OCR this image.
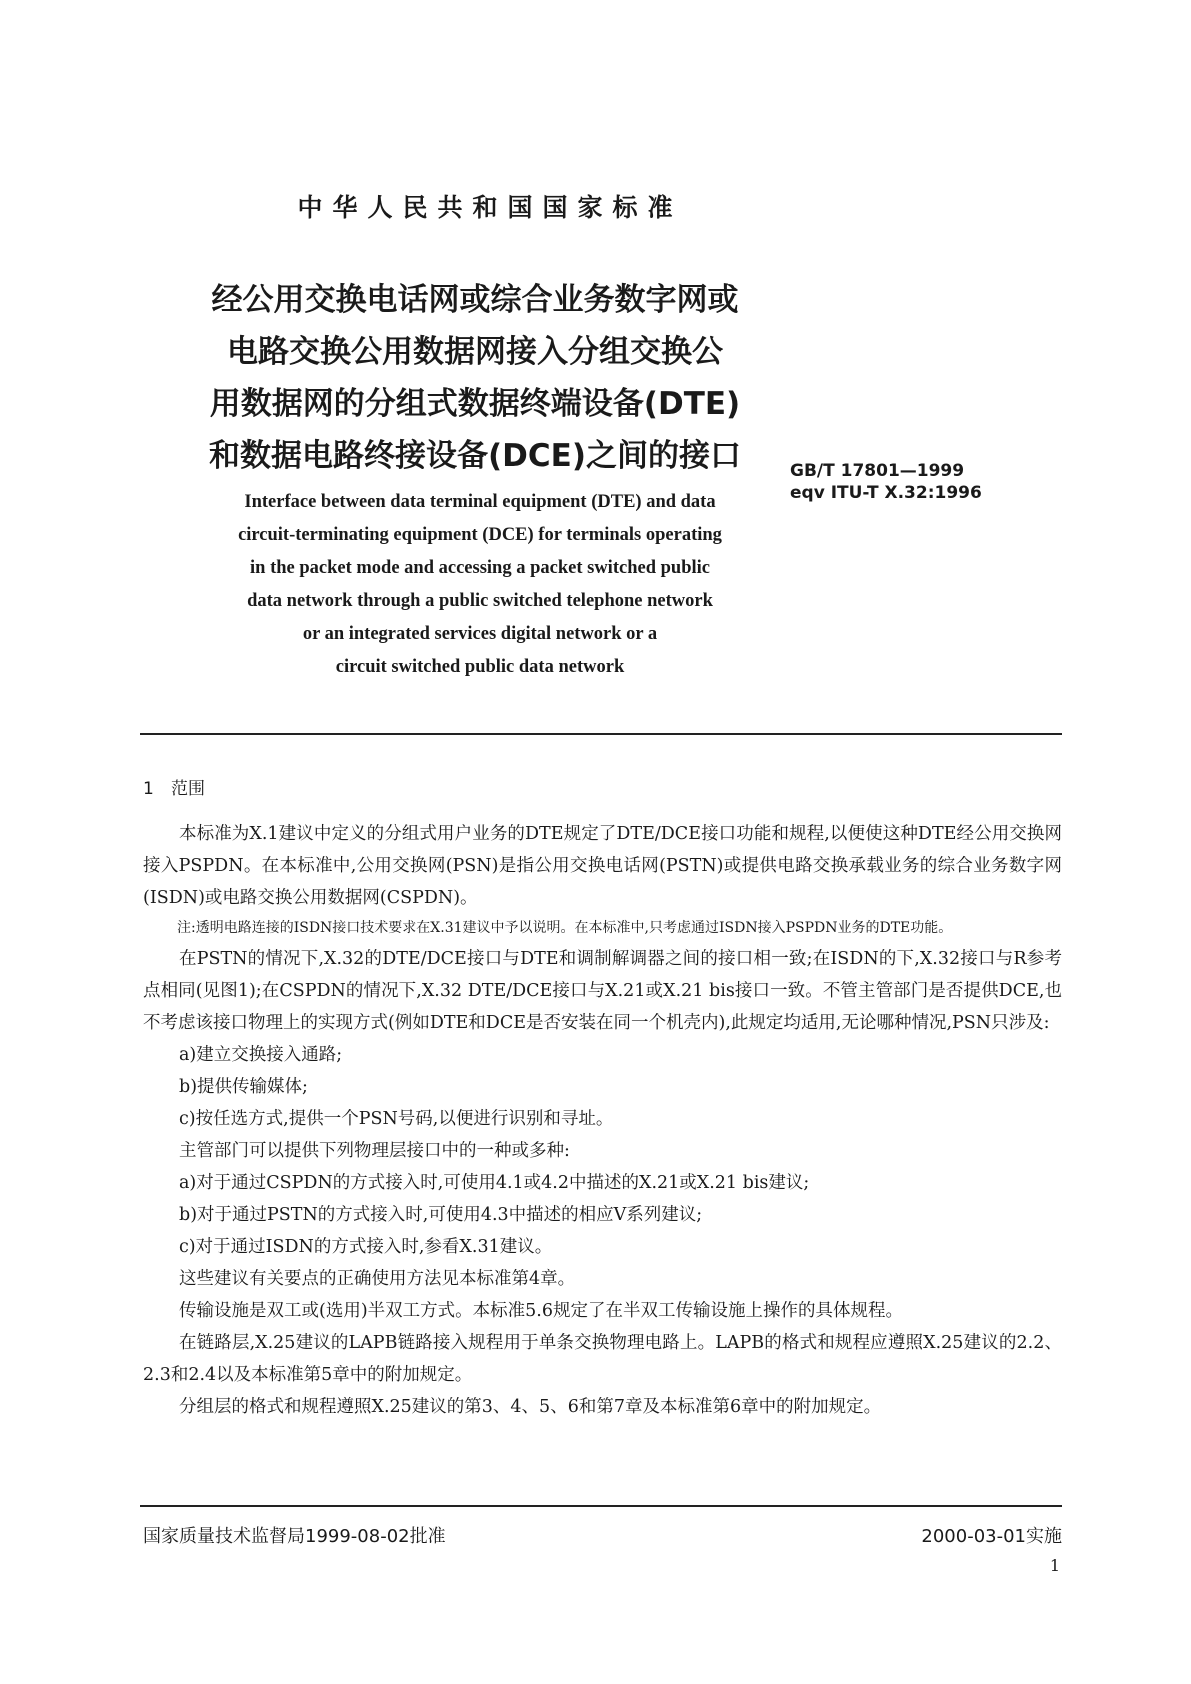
中华人民共和国国家标准
经公用交换电话网或综合业务数字网或
电路交换公用数据网接入分组交换公
用数据网的分组式数据终端设备(DTE)
和数据电路终接设备(DCE)之间的接口	GB/T 17801—1999
eqv ITU-T X.32:1996
Interface between data terminal equipment (DTE) and data
circuit-terminating equipment (DCE) for terminals operating
in the packet mode and accessing a packet switched public
data network through a public switched telephone network
or an integrated services digital network or a
circuit switched public data network
1 范围

本标准为X.1建议中定义的分组式用户业务的DTE规定了DTE/DCE接口功能和规程,以便使这种DTE经公用交换网接入PSPDN。在本标准中,公用交换网(PSN)是指公用交换电话网(PSTN)或提供电路交换承载业务的综合业务数字网(ISDN)或电路交换公用数据网(CSPDN)。

注:透明电路连接的ISDN接口技术要求在X.31建议中予以说明。在本标准中,只考虑通过ISDN接入PSPDN业务的DTE功能。

在PSTN的情况下,X.32的DTE/DCE接口与DTE和调制解调器之间的接口相一致;在ISDN的下,X.32接口与R参考点相同(见图1);在CSPDN的情况下,X.32 DTE/DCE接口与X.21或X.21 bis接口一致。不管主管部门是否提供DCE,也不考虑该接口物理上的实现方式(例如DTE和DCE是否安装在同一个机壳内),此规定均适用,无论哪种情况,PSN只涉及:

a)建立交换接入通路;

b)提供传输媒体;

c)按任选方式,提供一个PSN号码,以便进行识别和寻址。

主管部门可以提供下列物理层接口中的一种或多种:

a)对于通过CSPDN的方式接入时,可使用4.1或4.2中描述的X.21或X.21 bis建议;

b)对于通过PSTN的方式接入时,可使用4.3中描述的相应V系列建议;

c)对于通过ISDN的方式接入时,参看X.31建议。

这些建议有关要点的正确使用方法见本标准第4章。

传输设施是双工或(选用)半双工方式。本标准5.6规定了在半双工传输设施上操作的具体规程。

在链路层,X.25建议的LAPB链路接入规程用于单条交换物理电路上。LAPB的格式和规程应遵照X.25建议的2.2、2.3和2.4以及本标准第5章中的附加规定。

分组层的格式和规程遵照X.25建议的第3、4、5、6和第7章及本标准第6章中的附加规定。

国家质量技术监督局1999-08-02批准	2000-03-01实施
1
